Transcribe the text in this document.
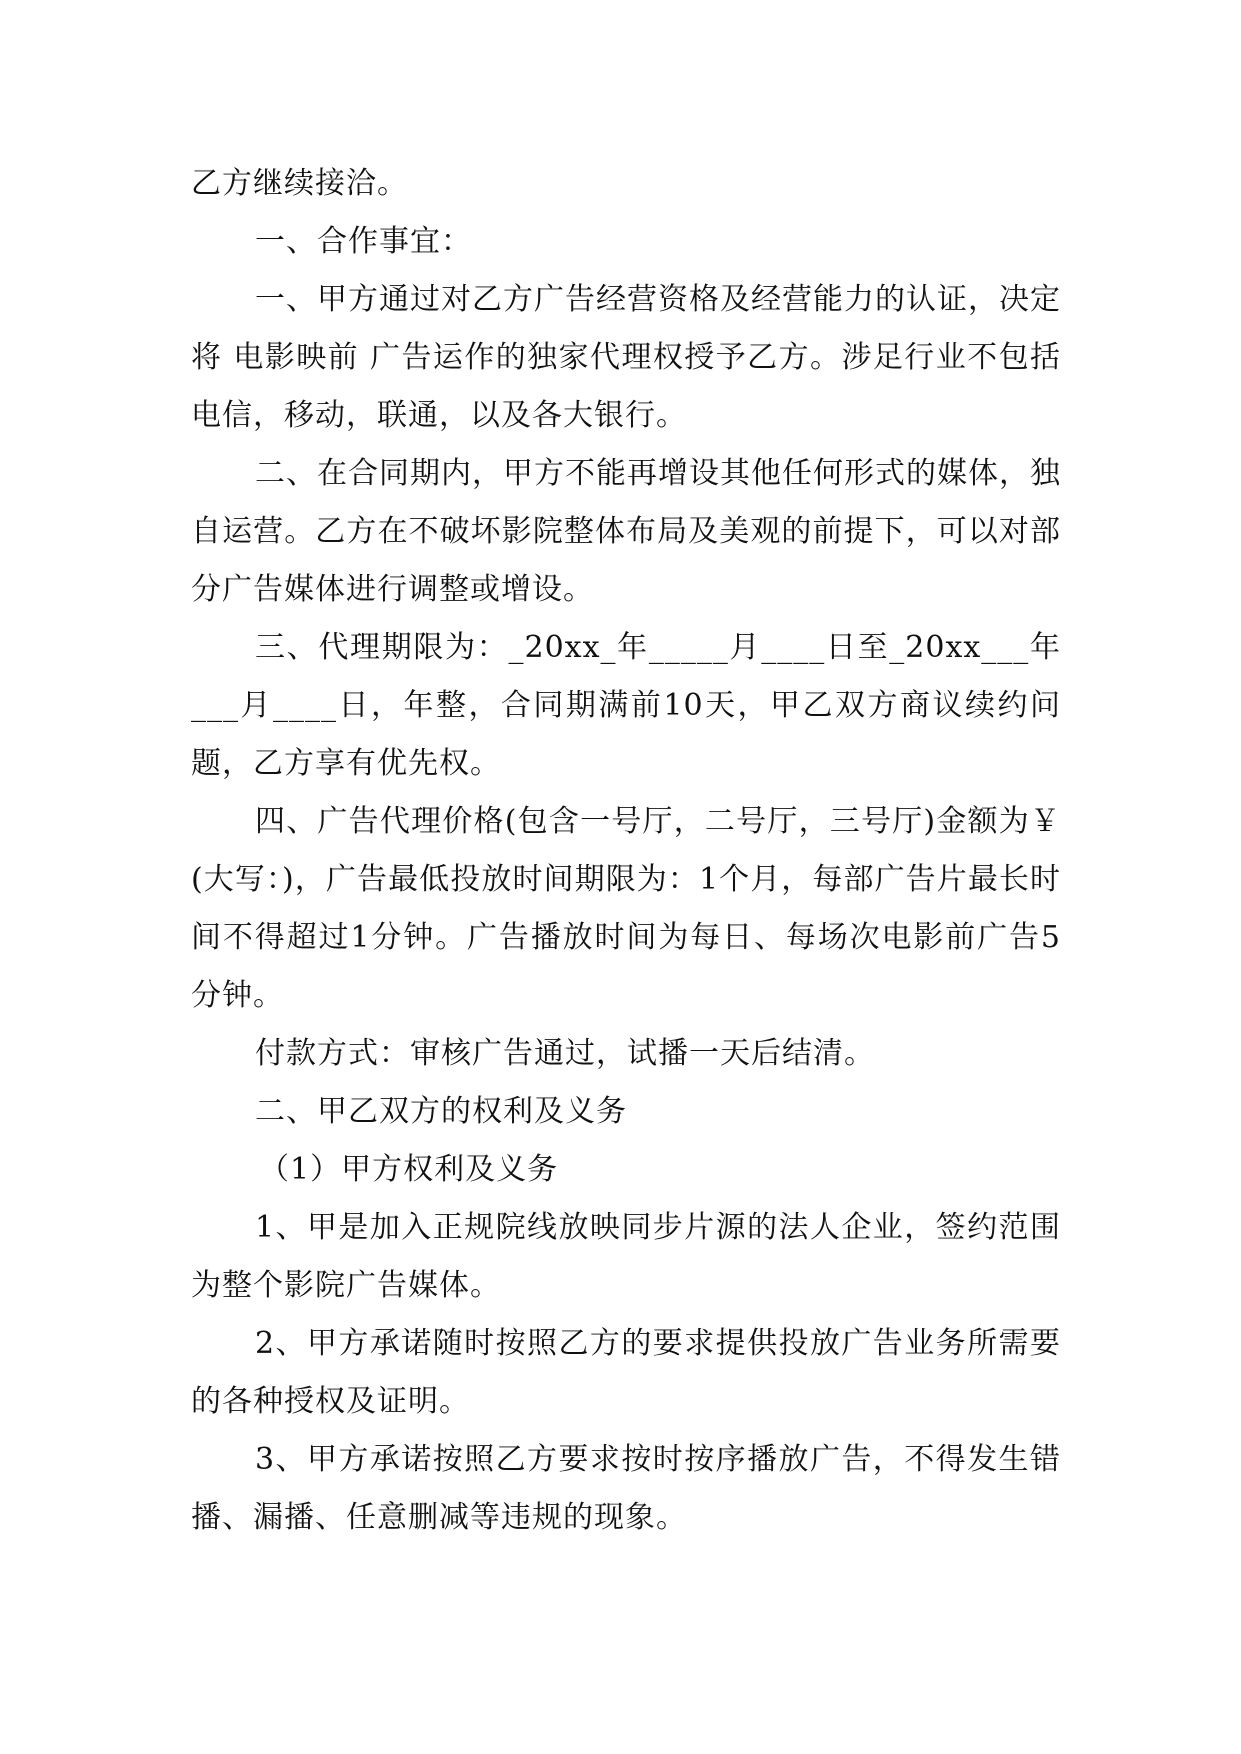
乙方继续接洽。

一、合作事宜：

一、甲方通过对乙方广告经营资格及经营能力的认证，决定将 电影映前 广告运作的独家代理权授予乙方。涉足行业不包括电信，移动，联通，以及各大银行。

二、在合同期内，甲方不能再增设其他任何形式的媒体，独自运营。乙方在不破坏影院整体布局及美观的前提下，可以对部分广告媒体进行调整或增设。

三、代理期限为：_20xx_年_____月____日至_20xx___年___月____日，年整，合同期满前10天，甲乙双方商议续约问题，乙方享有优先权。

四、广告代理价格(包含一号厅，二号厅，三号厅)金额为￥(大写：)，广告最低投放时间期限为：1个月，每部广告片最长时间不得超过1分钟。广告播放时间为每日、每场次电影前广告5分钟。

付款方式：审核广告通过，试播一天后结清。

二、甲乙双方的权利及义务

（1）甲方权利及义务

1、甲是加入正规院线放映同步片源的法人企业，签约范围为整个影院广告媒体。

2、甲方承诺随时按照乙方的要求提供投放广告业务所需要的各种授权及证明。

3、甲方承诺按照乙方要求按时按序播放广告，不得发生错播、漏播、任意删减等违规的现象。
